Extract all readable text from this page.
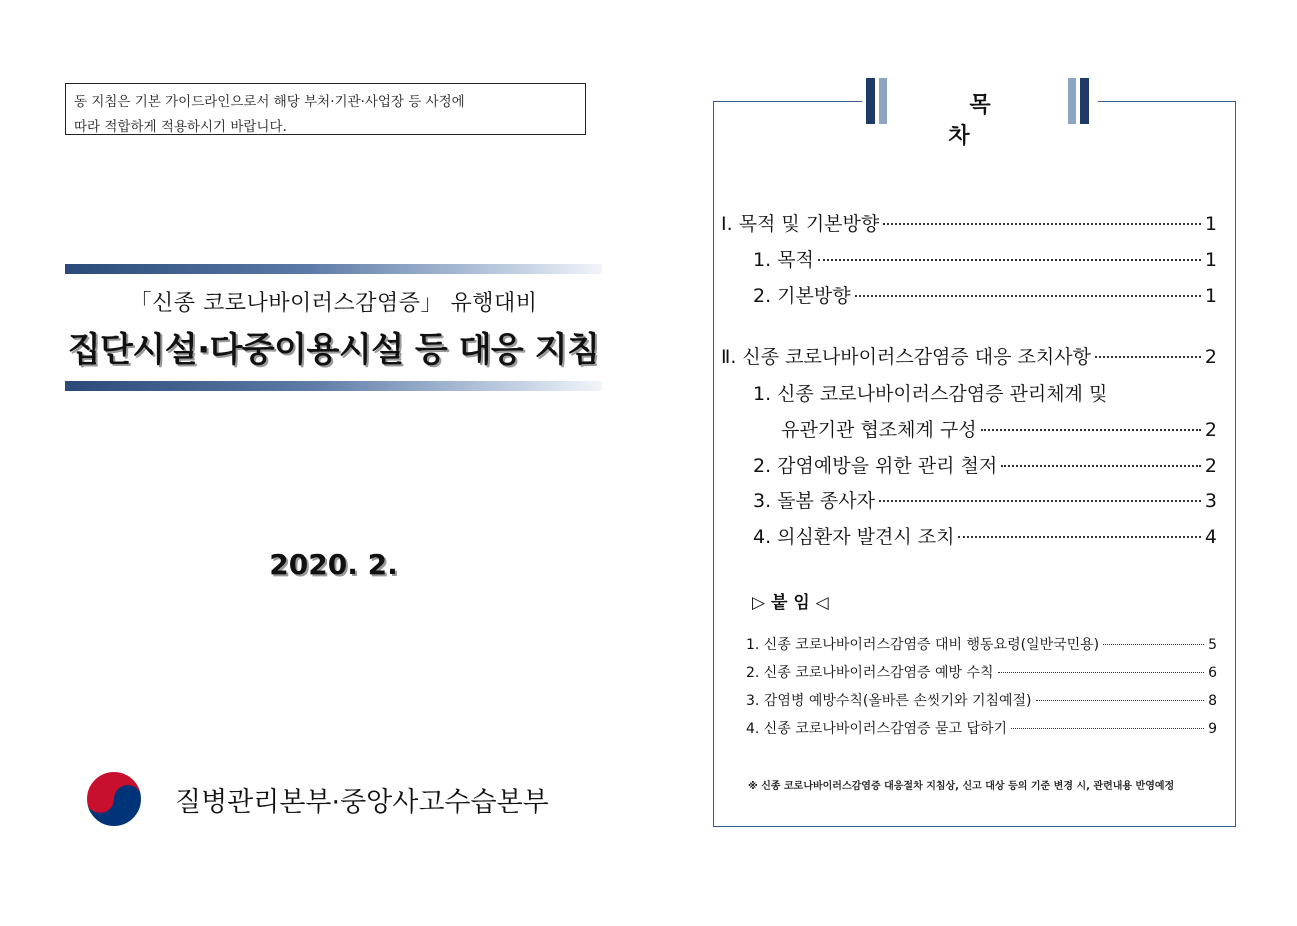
동 지침은 기본 가이드라인으로서 해당 부처·기관·사업장 등 사정에
따라 적합하게 적용하시기 바랍니다.
「신종 코로나바이러스감염증」 유행대비
집단시설·다중이용시설 등 대응 지침
2020. 2.
질병관리본부·중앙사고수습본부
목 차
Ⅰ. 목적 및 기본방향	1
1. 목적	1
2. 기본방향	1
Ⅱ. 신종 코로나바이러스감염증 대응 조치사항	2
1. 신종 코로나바이러스감염증 관리체계 및
유관기관 협조체계 구성	2
2. 감염예방을 위한 관리 철저	2
3. 돌봄 종사자	3
4. 의심환자 발견시 조치	4
▷ 붙 임 ◁
1. 신종 코로나바이러스감염증 대비 행동요령(일반국민용)	5
2. 신종 코로나바이러스감염증 예방 수칙	6
3. 감염병 예방수칙(올바른 손씻기와 기침예절)	8
4. 신종 코로나바이러스감염증 묻고 답하기	9
※ 신종 코로나바이러스감염증 대응절차 지침상, 신고 대상 등의 기준 변경 시, 관련내용 반영예정
